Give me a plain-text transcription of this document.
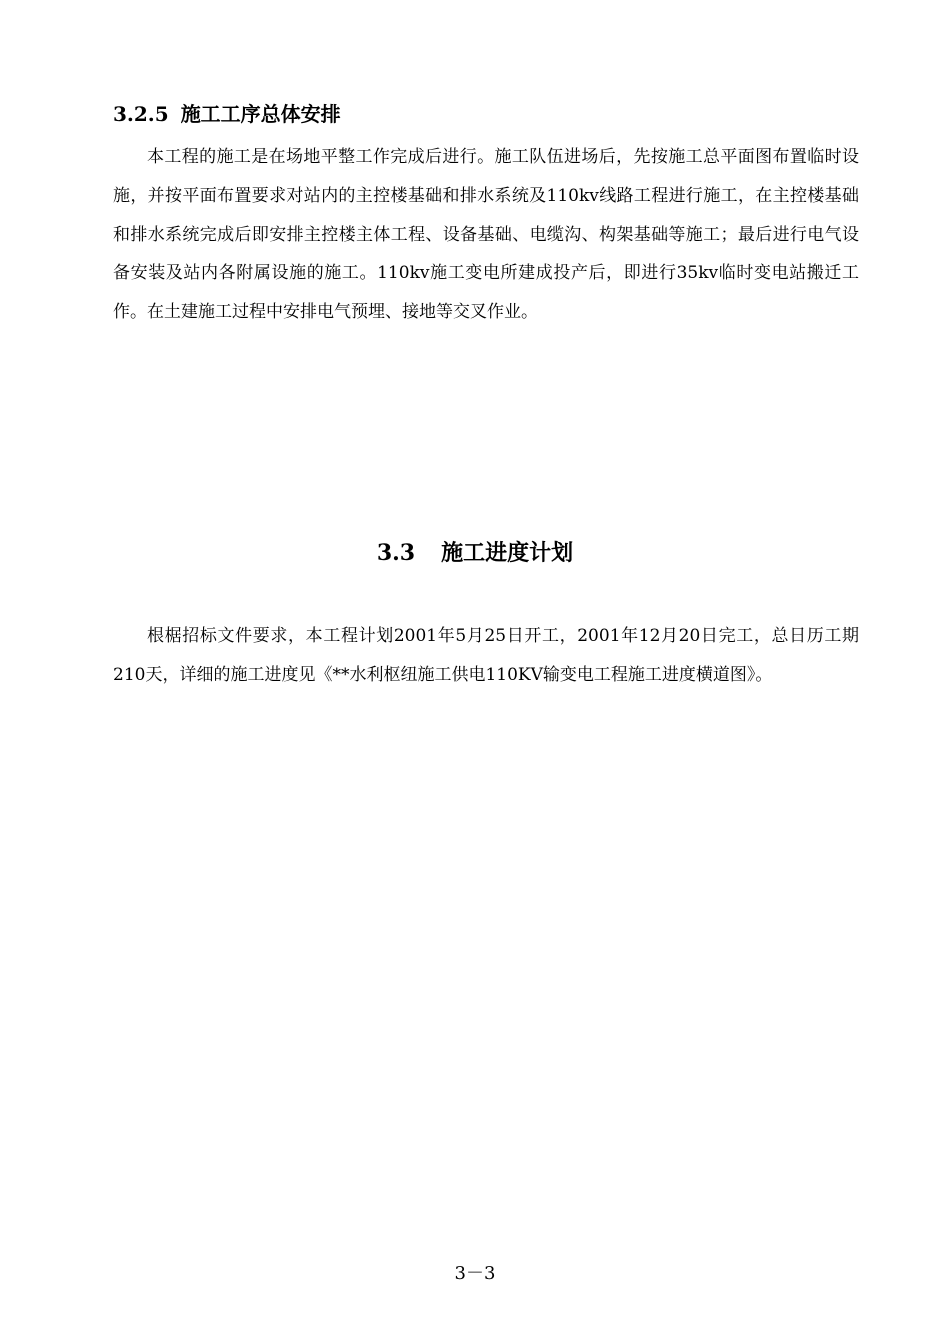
3.2.5 施工工序总体安排

本工程的施工是在场地平整工作完成后进行。施工队伍进场后，先按施工总平面图布置临时设施，并按平面布置要求对站内的主控楼基础和排水系统及110kv线路工程进行施工，在主控楼基础和排水系统完成后即安排主控楼主体工程、设备基础、电缆沟、构架基础等施工；最后进行电气设备安装及站内各附属设施的施工。110kv施工变电所建成投产后，即进行35kv临时变电站搬迁工作。在土建施工过程中安排电气预埋、接地等交叉作业。

3.3 施工进度计划

根椐招标文件要求，本工程计划2001年5月25日开工，2001年12月20日完工，总日历工期210天，详细的施工进度见《**水利枢纽施工供电110KV输变电工程施工进度横道图》。

3－3
